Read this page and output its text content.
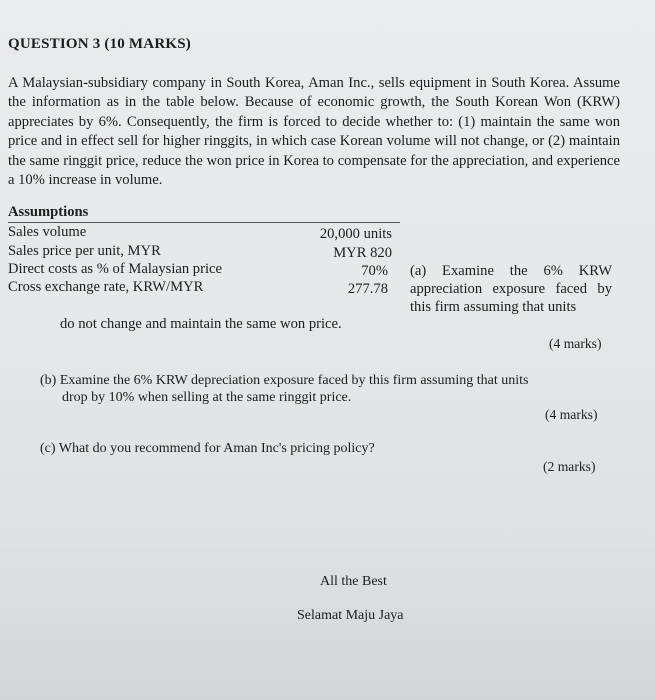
QUESTION 3 (10 MARKS)
A Malaysian-subsidiary company in South Korea, Aman Inc., sells equipment in South Korea. Assume the information as in the table below. Because of economic growth, the South Korean Won (KRW) appreciates by 6%. Consequently, the firm is forced to decide whether to: (1) maintain the same won price and in effect sell for higher ringgits, in which case Korean volume will not change, or (2) maintain the same ringgit price, reduce the won price in Korea to compensate for the appreciation, and experience a 10% increase in volume.
Assumptions
Sales volume	20,000 units
Sales price per unit, MYR	MYR 820
Direct costs as % of Malaysian price	70%
Cross exchange rate, KRW/MYR	277.78
(a) Examine the 6% KRW appreciation exposure faced by this firm assuming that units
do not change and maintain the same won price.
(4 marks)
(b) Examine the 6% KRW depreciation exposure faced by this firm assuming that units
drop by 10% when selling at the same ringgit price.
(4 marks)
(c) What do you recommend for Aman Inc's pricing policy?
(2 marks)
All the Best
Selamat Maju Jaya
